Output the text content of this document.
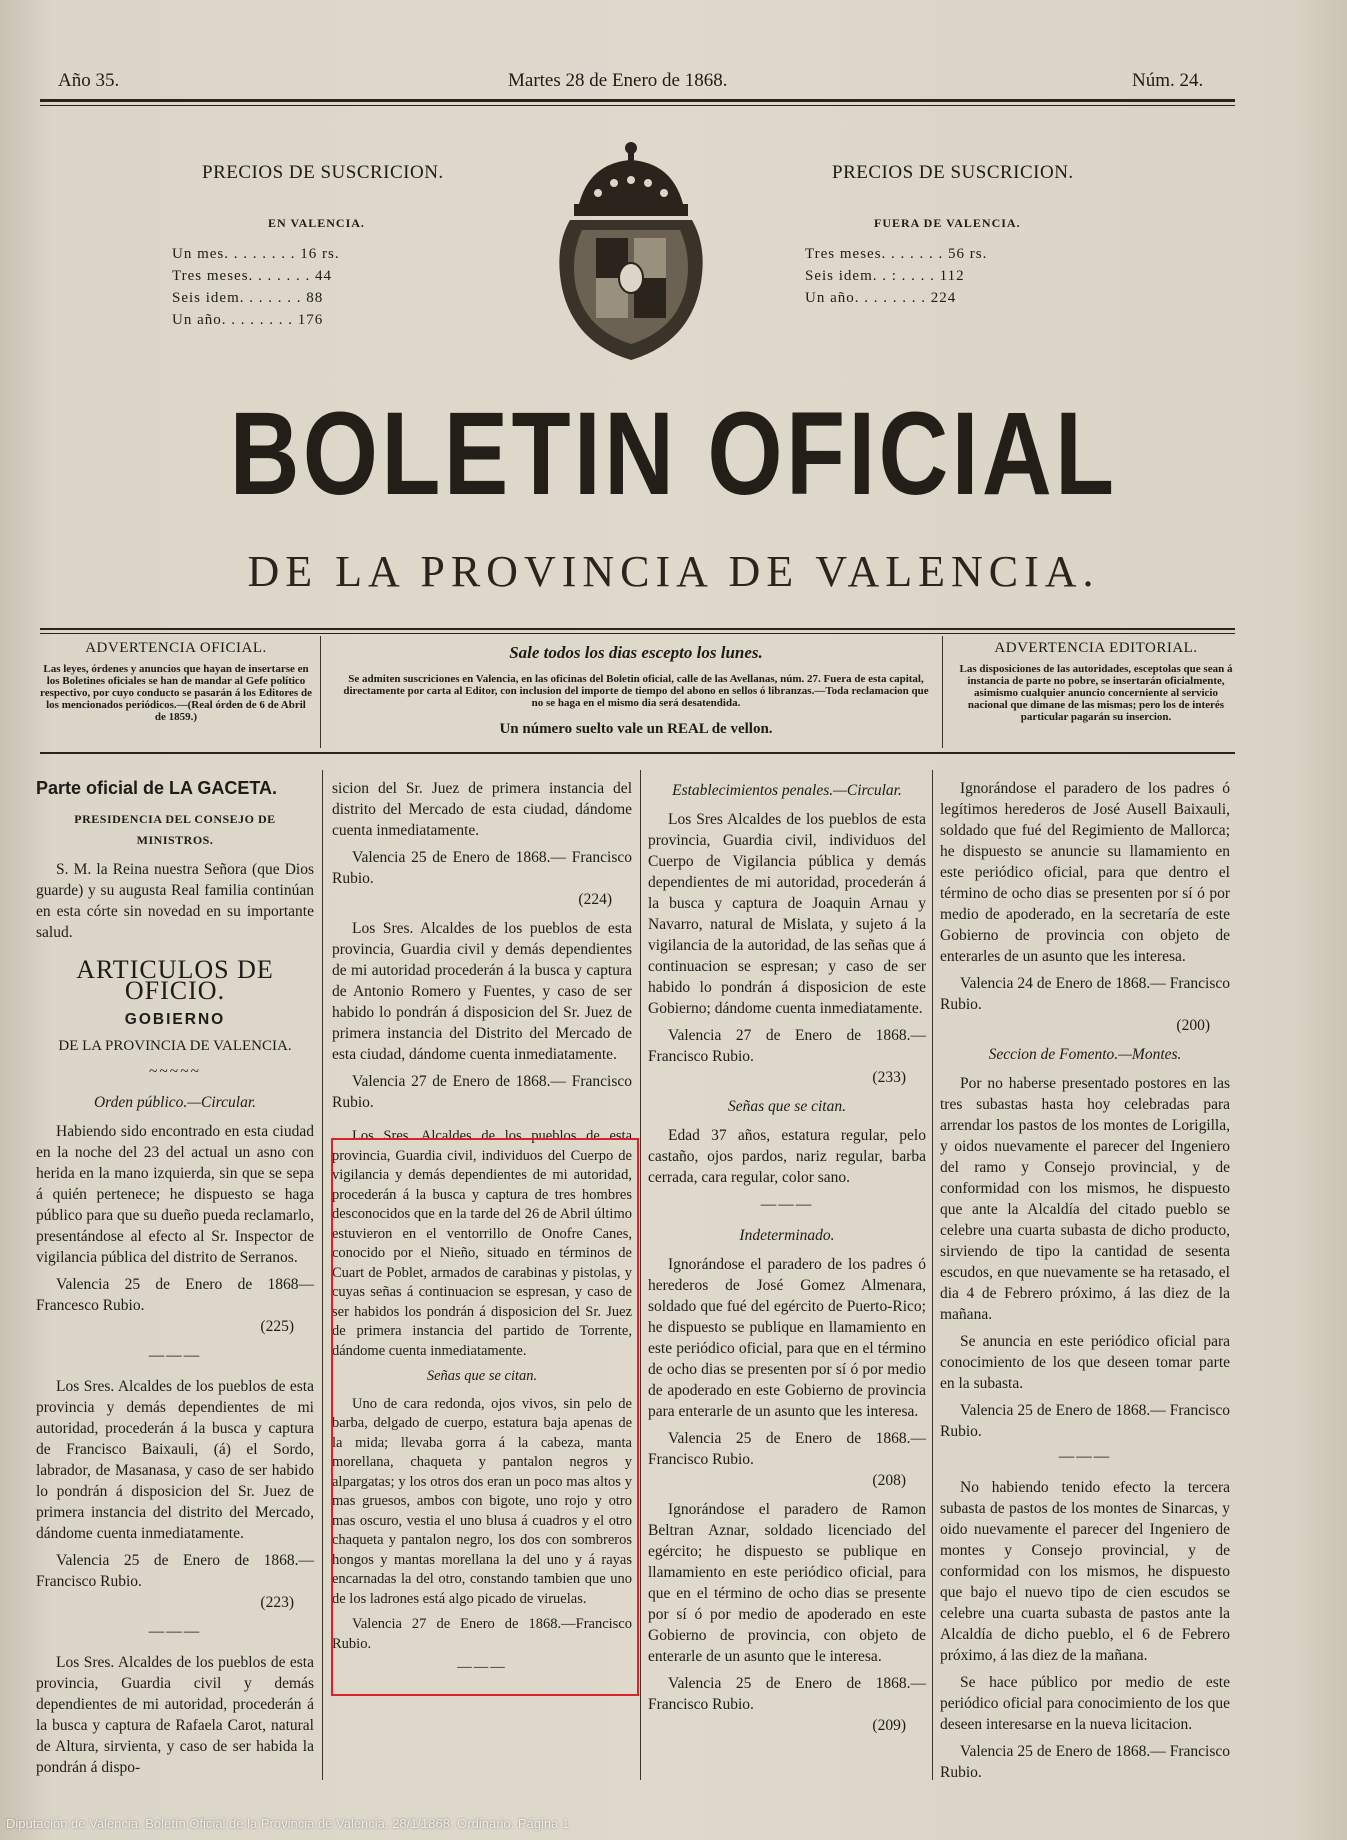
Año 35.	Martes 28 de Enero de 1868.	Núm. 24.
PRECIOS DE SUSCRICION.
EN VALENCIA.
Un mes. . . . . . . . 16 rs.
Tres meses. . . . . . . 44
Seis idem. . . . . . . 88
Un año. . . . . . . . 176
PRECIOS DE SUSCRICION.
FUERA DE VALENCIA.
Tres meses. . . . . . . 56 rs.
Seis idem. . : . . . . 112
Un año. . . . . . . . 224
BOLETIN OFICIAL
DE LA PROVINCIA DE VALENCIA.
ADVERTENCIA OFICIAL.
Las leyes, órdenes y anuncios que hayan de insertarse en los Boletines oficiales se han de mandar al Gefe político respectivo, por cuyo conducto se pasarán á los Editores de los mencionados periódicos.—(Real órden de 6 de Abril de 1859.)
Sale todos los dias escepto los lunes.
Se admiten suscriciones en Valencia, en las oficinas del Boletin oficial, calle de las Avellanas, núm. 27. Fuera de esta capital, directamente por carta al Editor, con inclusion del importe de tiempo del abono en sellos ó libranzas.—Toda reclamacion que no se haga en el mismo dia será desatendida.
Un número suelto vale un REAL de vellon.
ADVERTENCIA EDITORIAL.
Las disposiciones de las autoridades, esceptolas que sean á instancia de parte no pobre, se insertarán oficialmente, asimismo cualquier anuncio concerniente al servicio nacional que dimane de las mismas; pero los de interés particular pagarán su insercion.
Parte oficial de LA GACETA.
PRESIDENCIA DEL CONSEJO DE MINISTROS.

S. M. la Reina nuestra Señora (que Dios guarde) y su augusta Real familia continúan en esta córte sin novedad en su importante salud.

ARTICULOS DE OFICIO.
GOBIERNO
DE LA PROVINCIA DE VALENCIA.
~~~~~
Orden público.—Circular.

Habiendo sido encontrado en esta ciudad en la noche del 23 del actual un asno con herida en la mano izquierda, sin que se sepa á quién pertenece; he dispuesto se haga público para que su dueño pueda reclamarlo, presentándose al efecto al Sr. Inspector de vigilancia pública del distrito de Serranos.

Valencia 25 de Enero de 1868— Francesco Rubio.

(225)

———

Los Sres. Alcaldes de los pueblos de esta provincia y demás dependientes de mi autoridad, procederán á la busca y captura de Francisco Baixauli, (á) el Sordo, labrador, de Masanasa, y caso de ser habido lo pondrán á disposicion del Sr. Juez de primera instancia del distrito del Mercado, dándome cuenta inmediatamente.

Valencia 25 de Enero de 1868.— Francisco Rubio.

(223)

———

Los Sres. Alcaldes de los pueblos de esta provincia, Guardia civil y demás dependientes de mi autoridad, procederán á la busca y captura de Rafaela Carot, natural de Altura, sirvienta, y caso de ser habida la pondrán á dispo-

sicion del Sr. Juez de primera instancia del distrito del Mercado de esta ciudad, dándome cuenta inmediatamente.

Valencia 25 de Enero de 1868.— Francisco Rubio.

(224)

Los Sres. Alcaldes de los pueblos de esta provincia, Guardia civil y demás dependientes de mi autoridad procederán á la busca y captura de Antonio Romero y Fuentes, y caso de ser habido lo pondrán á disposicion del Sr. Juez de primera instancia del Distrito del Mercado de esta ciudad, dándome cuenta inmediatamente.

Valencia 27 de Enero de 1868.— Francisco Rubio.

Los Sres. Alcaldes de los pueblos de esta provincia, Guardia civil, individuos del Cuerpo de vigilancia y demás dependientes de mi autoridad, procederán á la busca y captura de tres hombres desconocidos que en la tarde del 26 de Abril último estuvieron en el ventorrillo de Onofre Canes, conocido por el Nieño, situado en términos de Cuart de Poblet, armados de carabinas y pistolas, y cuyas señas á continuacion se espresan, y caso de ser habidos los pondrán á disposicion del Sr. Juez de primera instancia del partido de Torrente, dándome cuenta inmediatamente.

Señas que se citan.

Uno de cara redonda, ojos vivos, sin pelo de barba, delgado de cuerpo, estatura baja apenas de la mida; llevaba gorra á la cabeza, manta morellana, chaqueta y pantalon negros y alpargatas; y los otros dos eran un poco mas altos y mas gruesos, ambos con bigote, uno rojo y otro mas oscuro, vestia el uno blusa á cuadros y el otro chaqueta y pantalon negro, los dos con sombreros hongos y mantas morellana la del uno y á rayas encarnadas la del otro, constando tambien que uno de los ladrones está algo picado de viruelas.

Valencia 27 de Enero de 1868.—Francisco Rubio.

———
Establecimientos penales.—Circular.

Los Sres Alcaldes de los pueblos de esta provincia, Guardia civil, individuos del Cuerpo de Vigilancia pública y demás dependientes de mi autoridad, procederán á la busca y captura de Joaquin Arnau y Navarro, natural de Mislata, y sujeto á la vigilancia de la autoridad, de las señas que á continuacion se espresan; y caso de ser habido lo pondrán á disposicion de este Gobierno; dándome cuenta inmediatamente.

Valencia 27 de Enero de 1868.— Francisco Rubio.

(233)

Señas que se citan.

Edad 37 años, estatura regular, pelo castaño, ojos pardos, nariz regular, barba cerrada, cara regular, color sano.

———
Indeterminado.

Ignorándose el paradero de los padres ó herederos de José Gomez Almenara, soldado que fué del egército de Puerto-Rico; he dispuesto se publique en llamamiento en este periódico oficial, para que en el término de ocho dias se presenten por sí ó por medio de apoderado en este Gobierno de provincia para enterarle de un asunto que les interesa.

Valencia 25 de Enero de 1868.— Francisco Rubio.

(208)

Ignorándose el paradero de Ramon Beltran Aznar, soldado licenciado del egército; he dispuesto se publique en llamamiento en este periódico oficial, para que en el término de ocho dias se presente por sí ó por medio de apoderado en este Gobierno de provincia, con objeto de enterarle de un asunto que le interesa.

Valencia 25 de Enero de 1868.— Francisco Rubio.

(209)

Ignorándose el paradero de los padres ó legítimos herederos de José Ausell Baixauli, soldado que fué del Regimiento de Mallorca; he dispuesto se anuncie su llamamiento en este periódico oficial, para que dentro el término de ocho dias se presenten por sí ó por medio de apoderado, en la secretaría de este Gobierno de provincia con objeto de enterarles de un asunto que les interesa.

Valencia 24 de Enero de 1868.— Francisco Rubio.

(200)

Seccion de Fomento.—Montes.

Por no haberse presentado postores en las tres subastas hasta hoy celebradas para arrendar los pastos de los montes de Lorigilla, y oidos nuevamente el parecer del Ingeniero del ramo y Consejo provincial, y de conformidad con los mismos, he dispuesto que ante la Alcaldía del citado pueblo se celebre una cuarta subasta de dicho producto, sirviendo de tipo la cantidad de sesenta escudos, en que nuevamente se ha retasado, el dia 4 de Febrero próximo, á las diez de la mañana.

Se anuncia en este periódico oficial para conocimiento de los que deseen tomar parte en la subasta.

Valencia 25 de Enero de 1868.— Francisco Rubio.

———

No habiendo tenido efecto la tercera subasta de pastos de los montes de Sinarcas, y oido nuevamente el parecer del Ingeniero de montes y Consejo provincial, y de conformidad con los mismos, he dispuesto que bajo el nuevo tipo de cien escudos se celebre una cuarta subasta de pastos ante la Alcaldía de dicho pueblo, el 6 de Febrero próximo, á las diez de la mañana.

Se hace público por medio de este periódico oficial para conocimiento de los que deseen interesarse en la nueva licitacion.

Valencia 25 de Enero de 1868.— Francisco Rubio.

Diputación de Valencia. Boletín Oficial de la Provincia de Valencia. 28/1/1868. Ordinario. Página 1
